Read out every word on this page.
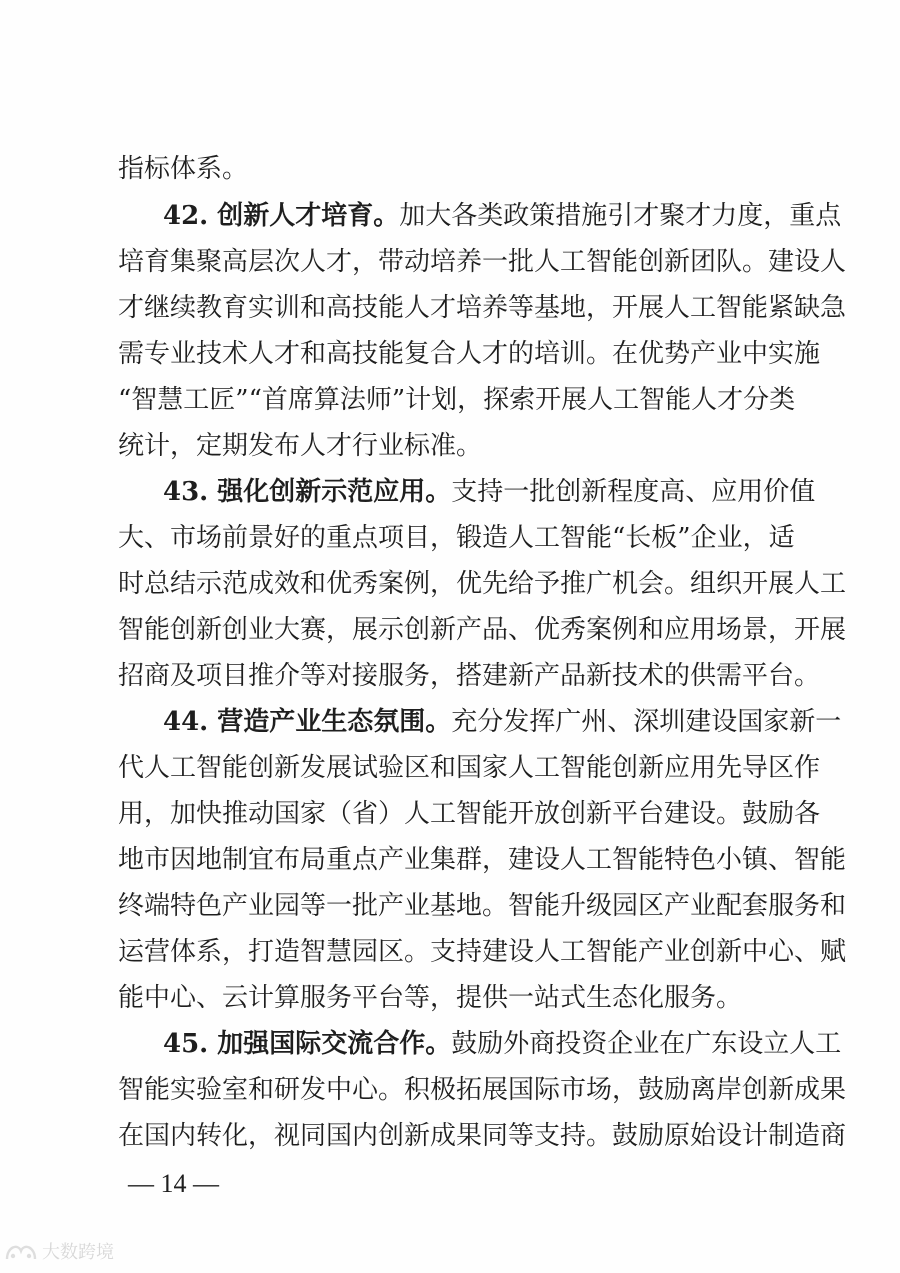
指标体系。
42. 创新人才培育。加大各类政策措施引才聚才力度，重点
培育集聚高层次人才，带动培养一批人工智能创新团队。建设人
才继续教育实训和高技能人才培养等基地，开展人工智能紧缺急
需专业技术人才和高技能复合人才的培训。在优势产业中实施
“智慧工匠”“首席算法师”计划，探索开展人工智能人才分类
统计，定期发布人才行业标准。
43. 强化创新示范应用。支持一批创新程度高、应用价值
大、市场前景好的重点项目，锻造人工智能“长板”企业，适
时总结示范成效和优秀案例，优先给予推广机会。组织开展人工
智能创新创业大赛，展示创新产品、优秀案例和应用场景，开展
招商及项目推介等对接服务，搭建新产品新技术的供需平台。
44. 营造产业生态氛围。充分发挥广州、深圳建设国家新一
代人工智能创新发展试验区和国家人工智能创新应用先导区作
用，加快推动国家（省）人工智能开放创新平台建设。鼓励各
地市因地制宜布局重点产业集群，建设人工智能特色小镇、智能
终端特色产业园等一批产业基地。智能升级园区产业配套服务和
运营体系，打造智慧园区。支持建设人工智能产业创新中心、赋
能中心、云计算服务平台等，提供一站式生态化服务。
45. 加强国际交流合作。鼓励外商投资企业在广东设立人工
智能实验室和研发中心。积极拓展国际市场，鼓励离岸创新成果
在国内转化，视同国内创新成果同等支持。鼓励原始设计制造商
— 14 —
大数跨境
